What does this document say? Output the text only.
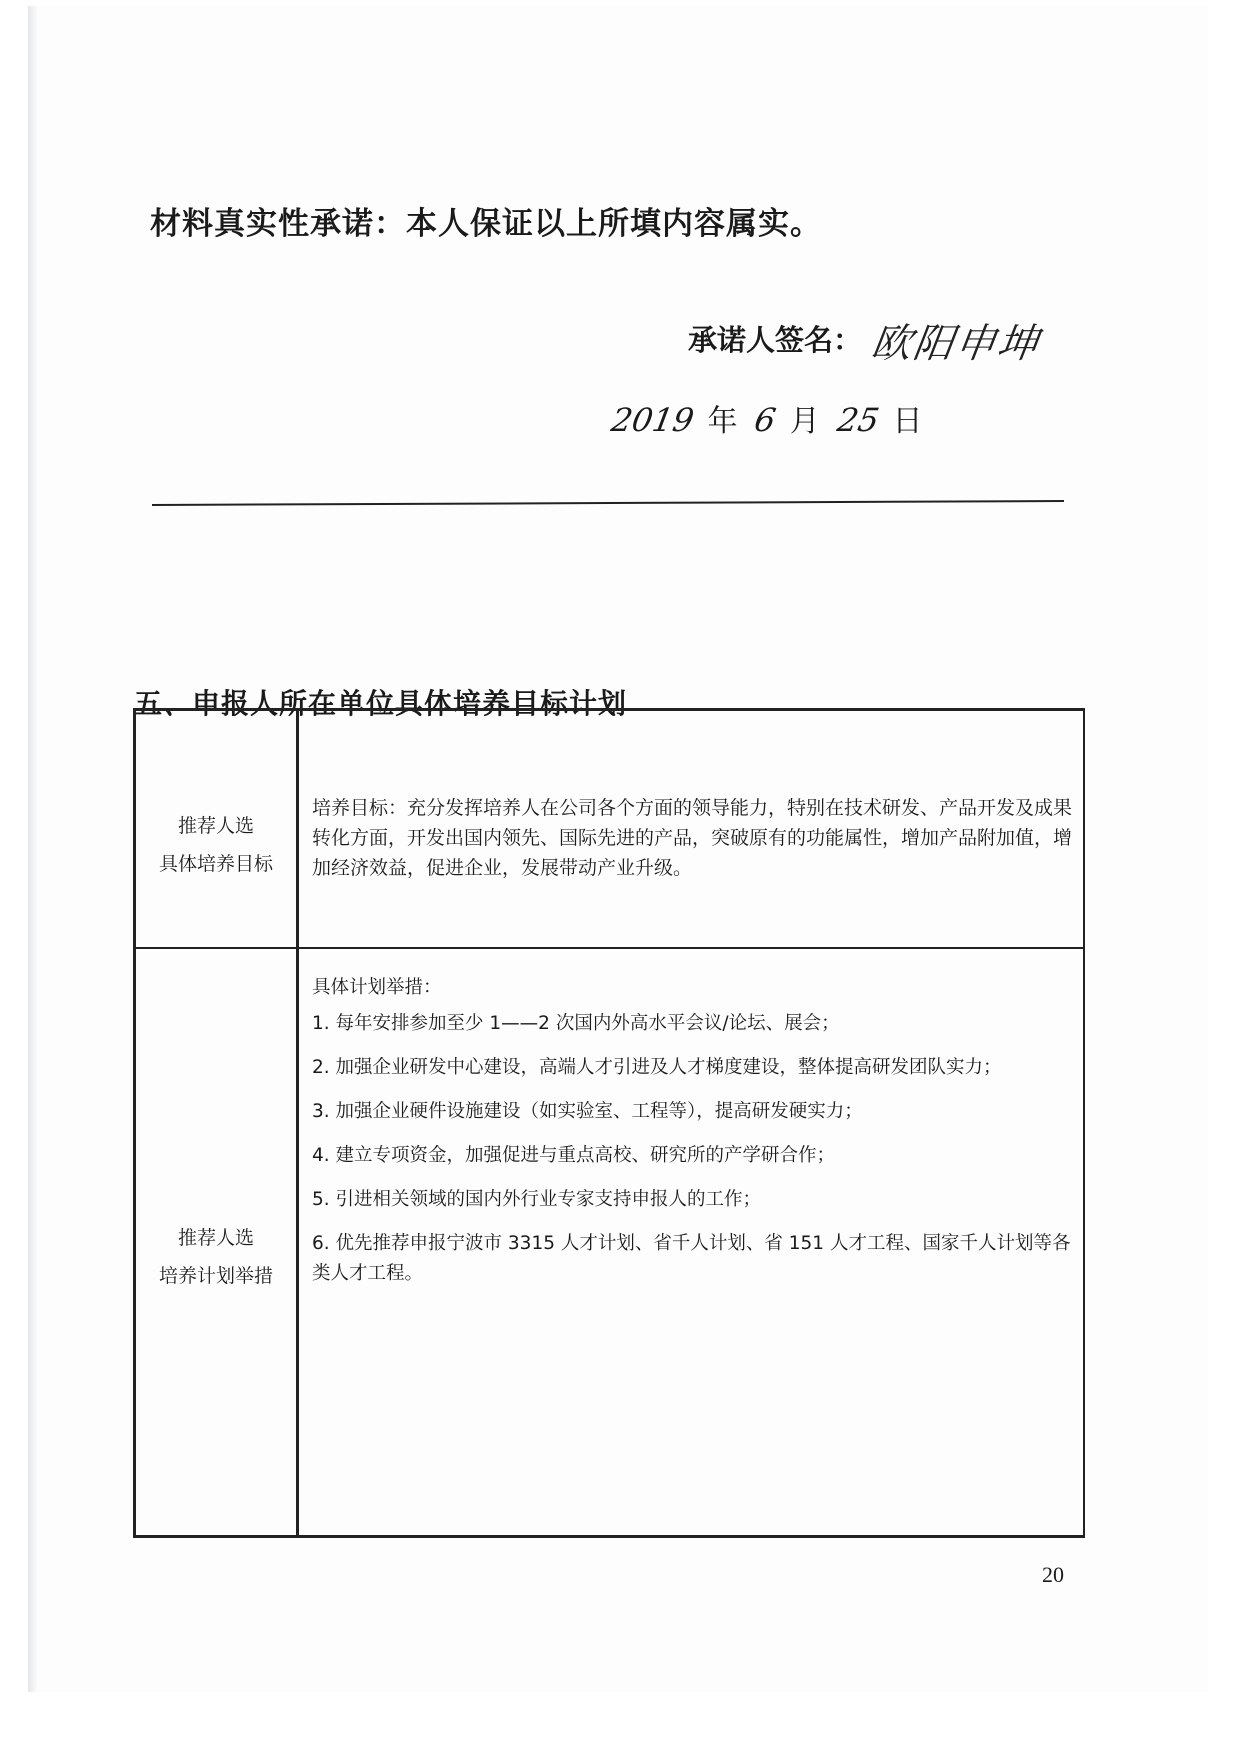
材料真实性承诺：本人保证以上所填内容属实。
承诺人签名： 欧阳申坤
2019 年 6 月 25 日
五、申报人所在单位具体培养目标计划
推荐人选
具体培养目标
培养目标：充分发挥培养人在公司各个方面的领导能力，特别在技术研发、产品开发及成果转化方面，开发出国内领先、国际先进的产品，突破原有的功能属性，增加产品附加值，增加经济效益，促进企业，发展带动产业升级。
推荐人选
培养计划举措
具体计划举措：
1. 每年安排参加至少 1——2 次国内外高水平会议/论坛、展会；
2. 加强企业研发中心建设，高端人才引进及人才梯度建设，整体提高研发团队实力；
3. 加强企业硬件设施建设（如实验室、工程等），提高研发硬实力；
4. 建立专项资金，加强促进与重点高校、研究所的产学研合作；
5. 引进相关领域的国内外行业专家支持申报人的工作；
6. 优先推荐申报宁波市 3315 人才计划、省千人计划、省 151 人才工程、国家千人计划等各类人才工程。
20
